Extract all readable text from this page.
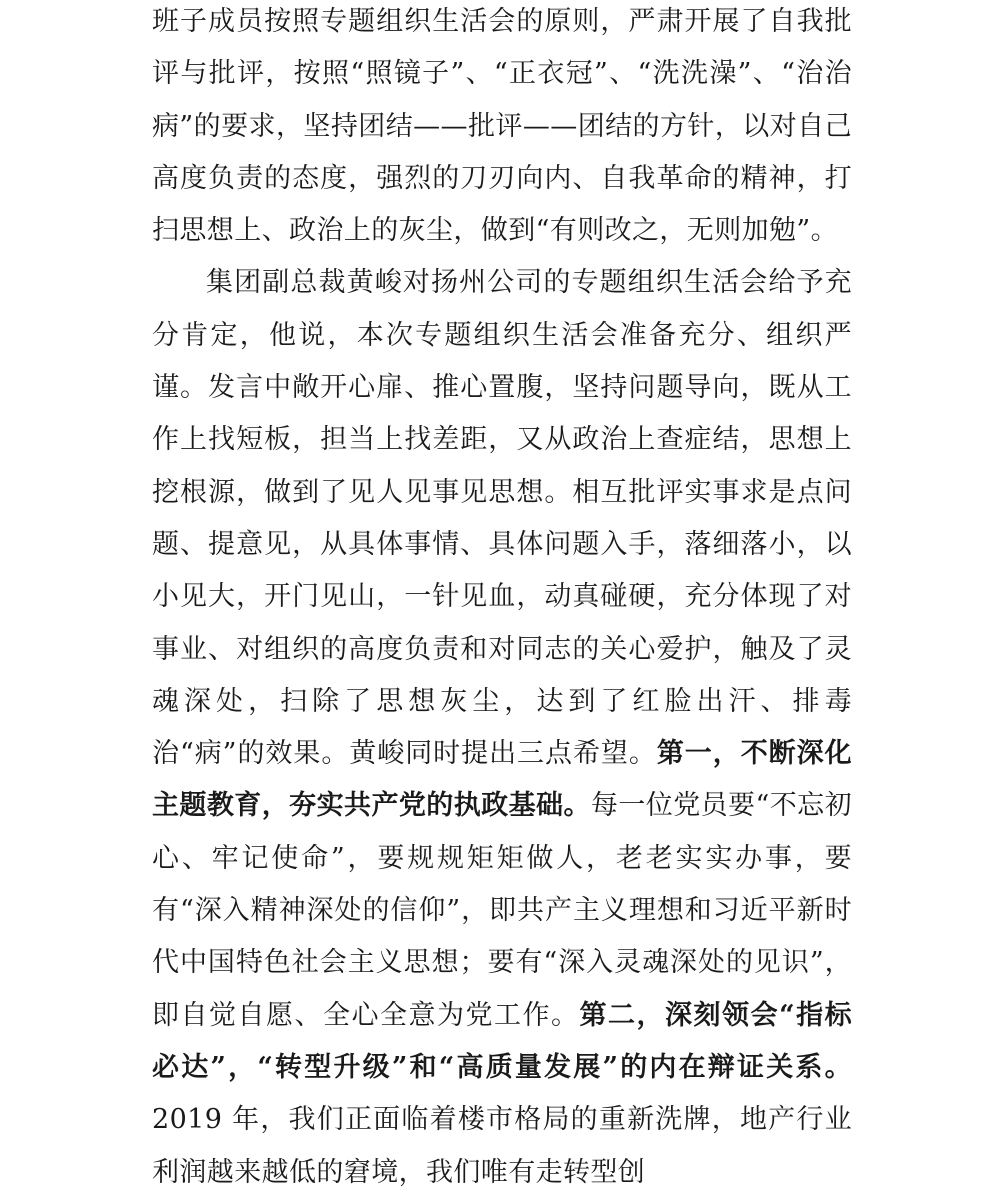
班子成员按照专题组织生活会的原则，严肃开展了自我批评与批评，按照“照镜子”、“正衣冠”、“洗洗澡”、“治治病”的要求，坚持团结——批评——团结的方针，以对自己高度负责的态度，强烈的刀刃向内、自我革命的精神，打扫思想上、政治上的灰尘，做到“有则改之，无则加勉”。

集团副总裁黄峻对扬州公司的专题组织生活会给予充分肯定，他说，本次专题组织生活会准备充分、组织严谨。发言中敞开心扉、推心置腹，坚持问题导向，既从工作上找短板，担当上找差距，又从政治上查症结，思想上挖根源，做到了见人见事见思想。相互批评实事求是点问题、提意见，从具体事情、具体问题入手，落细落小，以小见大，开门见山，一针见血，动真碰硬，充分体现了对事业、对组织的高度负责和对同志的关心爱护，触及了灵魂深处，扫除了思想灰尘，达到了红脸出汗、排毒治“病”的效果。黄峻同时提出三点希望。第一，不断深化主题教育，夯实共产党的执政基础。每一位党员要“不忘初心、牢记使命”，要规规矩矩做人，老老实实办事，要有“深入精神深处的信仰”，即共产主义理想和习近平新时代中国特色社会主义思想；要有“深入灵魂深处的见识”，即自觉自愿、全心全意为党工作。第二，深刻领会“指标必达”，“转型升级”和“高质量发展”的内在辩证关系。2019 年，我们正面临着楼市格局的重新洗牌，地产行业利润越来越低的窘境，我们唯有走转型创
